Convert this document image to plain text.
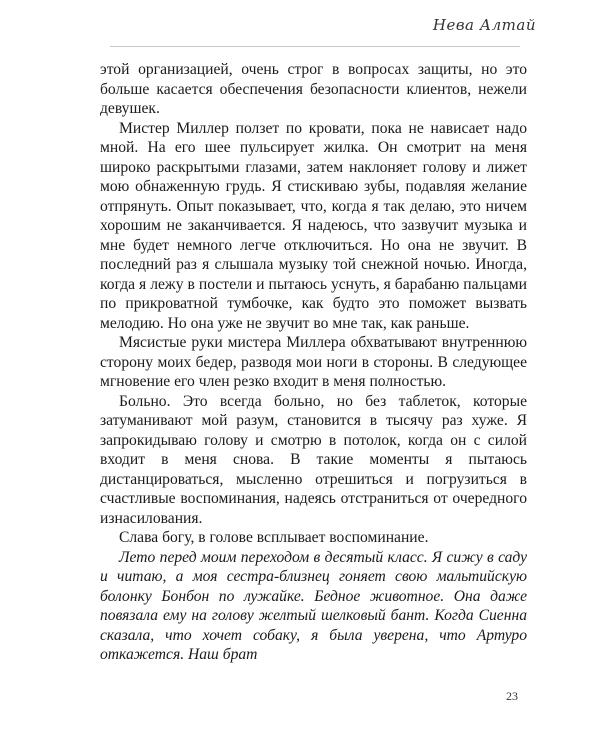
Нева Алтай

этой организацией, очень строг в вопросах защиты, но это больше касается обеспечения безопасности клиентов, нежели девушек.

Мистер Миллер ползет по кровати, пока не нависает надо мной. На его шее пульсирует жилка. Он смотрит на меня широко раскрытыми глазами, затем наклоняет голову и лижет мою обнаженную грудь. Я стискиваю зубы, подавляя желание отпрянуть. Опыт показывает, что, когда я так делаю, это ничем хорошим не заканчивается. Я надеюсь, что зазвучит музыка и мне будет немного легче отключиться. Но она не звучит. В последний раз я слышала музыку той снежной ночью. Иногда, когда я лежу в постели и пытаюсь уснуть, я барабаню пальцами по прикроватной тумбочке, как будто это поможет вызвать мелодию. Но она уже не звучит во мне так, как раньше.

Мясистые руки мистера Миллера обхватывают внутреннюю сторону моих бедер, разводя мои ноги в стороны. В следующее мгновение его член резко входит в меня полностью.

Больно. Это всегда больно, но без таблеток, которые затуманивают мой разум, становится в тысячу раз хуже. Я запрокидываю голову и смотрю в потолок, когда он с силой входит в меня снова. В такие моменты я пытаюсь дистанцироваться, мысленно отрешиться и погрузиться в счастливые воспоминания, надеясь отстраниться от очередного изнасилования.

Слава богу, в голове всплывает воспоминание.

Лето перед моим переходом в десятый класс. Я сижу в саду и читаю, а моя сестра-близнец гоняет свою мальтийскую болонку Бонбон по лужайке. Бедное животное. Она даже повязала ему на голову желтый шелковый бант. Когда Сиенна сказала, что хочет собаку, я была уверена, что Артуро откажется. Наш брат

23
